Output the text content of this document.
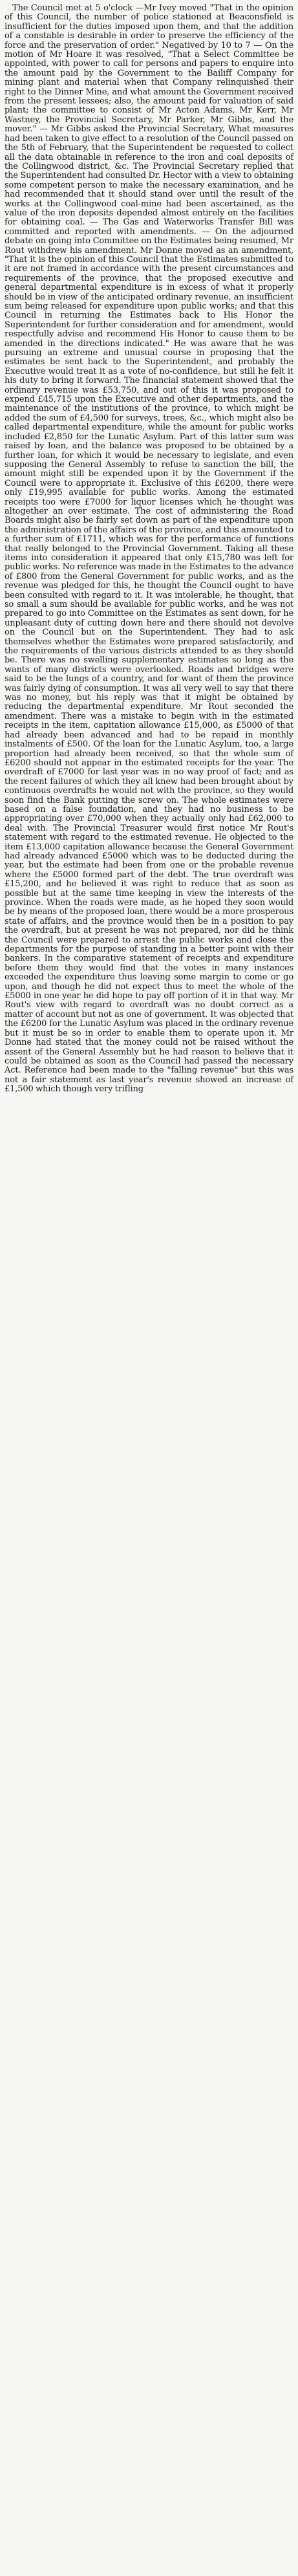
The Council met at 5 o'clock —Mr Ivey moved "That in the opinion of this Council, the number of police stationed at Beaconsfield is insufficient for the duties imposed upon them, and that the addition of a constable is desirable in order to preserve the efficiency of the force and the preservation of order." Negatived by 10 to 7 — On the motion of Mr Hoare it was resolved, "That a Select Committee be appointed, with power to call for persons and papers to enquire into the amount paid by the Government to the Bailiff Company for mining plant and material when that Company relinquished their right to the Dinner Mine, and what amount the Government received from the present lessees; also, the amount paid for valuation of said plant; the committee to consist of Mr Acton Adams, Mr Kerr, Mr Wastney, the Provincial Secretary, Mr Parker, Mr Gibbs, and the mover." — Mr Gibbs asked the Provincial Secretary, What measures had been taken to give effect to a resolution of the Council passed on the 5th of February, that the Superintendent be requested to collect all the data obtainable in reference to the iron and coal deposits of the Collingwood district, &c. The Provincial Secretary replied that the Superintendent had consulted Dr. Hector with a view to obtaining some competent person to make the necessary examination, and he had recommended that it should stand over until the result of the works at the Collingwood coal-mine had been ascertained, as the value of the iron deposits depended almost entirely on the facilities for obtaining coal. — The Gas and Waterworks Transfer Bill was committed and reported with amendments. — On the adjourned debate on going into Committee on the Estimates being resumed, Mr Rout withdrew his amendment. Mr Donne moved as an amendment, "That it is the opinion of this Council that the Estimates submitted to it are not framed in accordance with the present circumstances and requirements of the province, that the proposed executive and general departmental expenditure is in excess of what it properly should be in view of the anticipated ordinary revenue, an insufficient sum being released for expenditure upon public works; and that this Council in returning the Estimates back to His Honor the Superintendent for further consideration and for amendment, would respectfully advise and recommend His Honor to cause them to be amended in the directions indicated." He was aware that he was pursuing an extreme and unusual course in proposing that the estimates be sent back to the Superintendent, and probably the Executive would treat it as a vote of no-confidence, but still he felt it his duty to bring it forward. The financial statement showed that the ordinary revenue was £53,750, and out of this it was proposed to expend £45,715 upon the Executive and other departments, and the maintenance of the institutions of the province, to which might be added the sum of £4,500 for surveys, trees, &c., which might also be called departmental expenditure, while the amount for public works included £2,850 for the Lunatic Asylum. Part of this latter sum was raised by loan, and the balance was proposed to be obtained by a further loan, for which it would be necessary to legislate, and even supposing the General Assembly to refuse to sanction the bill, the amount might still be expended upon it by the Government if the Council were to appropriate it. Exclusive of this £6200, there were only £19,995 available for public works. Among the estimated receipts too were £7000 for liquor licenses which he thought was altogether an over estimate. The cost of administering the Road Boards might also be fairly set down as part of the expenditure upon the administration of the affairs of the province, and this amounted to a further sum of £1711, which was for the performance of functions that really belonged to the Provincial Government. Taking all these items into consideration it appeared that only £15,780 was left for public works. No reference was made in the Estimates to the advance of £800 from the General Government for public works, and as the revenue was pledged for this, he thought the Council ought to have been consulted with regard to it. It was intolerable, he thought, that so small a sum should be available for public works, and he was not prepared to go into Committee on the Estimates as sent down, for he unpleasant duty of cutting down here and there should not devolve on the Council but on the Superintendent. They had to ask themselves whether the Estimates were prepared satisfactorily, and the requirements of the various districts attended to as they should be. There was no swelling supplementary estimates so long as the wants of many districts were overlooked. Roads and bridges were said to be the lungs of a country, and for want of them the province was fairly dying of consumption. It was all very well to say that there was no money, but his reply was that it might be obtained by reducing the departmental expenditure. Mr Rout seconded the amendment. There was a mistake to begin with in the estimated receipts in the item, capitation allowance £15,000, as £5000 of that had already been advanced and had to be repaid in monthly instalments of £500. Of the loan for the Lunatic Asylum, too, a large proportion had already been received, so that the whole sum of £6200 should not appear in the estimated receipts for the year. The overdraft of £7000 for last year was in no way proof of fact; and as the recent failures of which they all knew had been brought about by continuous overdrafts he would not with the province, so they would soon find the Bank putting the screw on. The whole estimates were based on a false foundation, and they had no business to be appropriating over £70,000 when they actually only had £62,000 to deal with. The Provincial Treasurer would first notice Mr Rout's statement with regard to the estimated revenue. He objected to the item £13,000 capitation allowance because the General Government had already advanced £5000 which was to be deducted during the year, but the estimate had been from one or the probable revenue where the £5000 formed part of the debt. The true overdraft was £15,200, and he believed it was right to reduce that as soon as possible but at the same time keeping in view the interests of the province. When the roads were made, as he hoped they soon would be by means of the proposed loan, there would be a more prosperous state of affairs, and the province would then be in a position to pay the overdraft, but at present he was not prepared, nor did he think the Council were prepared to arrest the public works and close the departments for the purpose of standing in a better point with their bankers. In the comparative statement of receipts and expenditure before them they would find that the votes in many instances exceeded the expenditure thus leaving some margin to come or go upon, and though he did not expect thus to meet the whole of the £5000 in one year he did hope to pay off portion of it in that way. Mr Rout's view with regard to overdraft was no doubt correct as a matter of account but not as one of government. It was objected that the £6200 for the Lunatic Asylum was placed in the ordinary revenue but it must be so in order to enable them to operate upon it. Mr Donne had stated that the money could not be raised without the assent of the General Assembly but he had reason to believe that it could be obtained as soon as the Council had passed the necessary Act. Reference had been made to the "falling revenue" but this was not a fair statement as last year's revenue showed an increase of £1,500 which though very trifling
